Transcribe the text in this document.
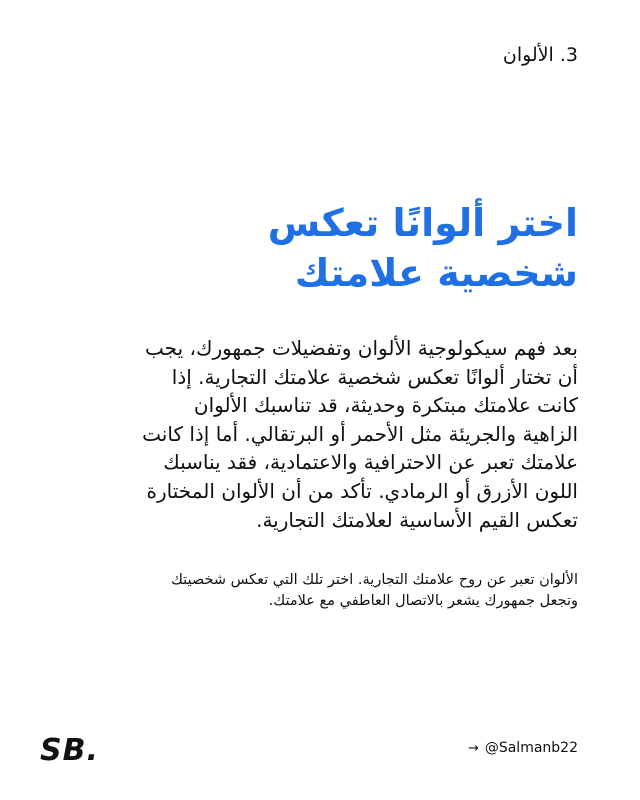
3. الألوان
اختر ألوانًا تعكس
شخصية علامتك
بعد فهم سيكولوجية الألوان وتفضيلات جمهورك، يجب
أن تختار ألوانًا تعكس شخصية علامتك التجارية. إذا
كانت علامتك مبتكرة وحديثة، قد تناسبك الألوان
الزاهية والجريئة مثل الأحمر أو البرتقالي. أما إذا كانت
علامتك تعبر عن الاحترافية والاعتمادية، فقد يناسبك
اللون الأزرق أو الرمادي. تأكد من أن الألوان المختارة
تعكس القيم الأساسية لعلامتك التجارية.
الألوان تعبر عن روح علامتك التجارية. اختر تلك التي تعكس شخصيتك
وتجعل جمهورك يشعر بالاتصال العاطفي مع علامتك.
SB.	→ @Salmanb22
